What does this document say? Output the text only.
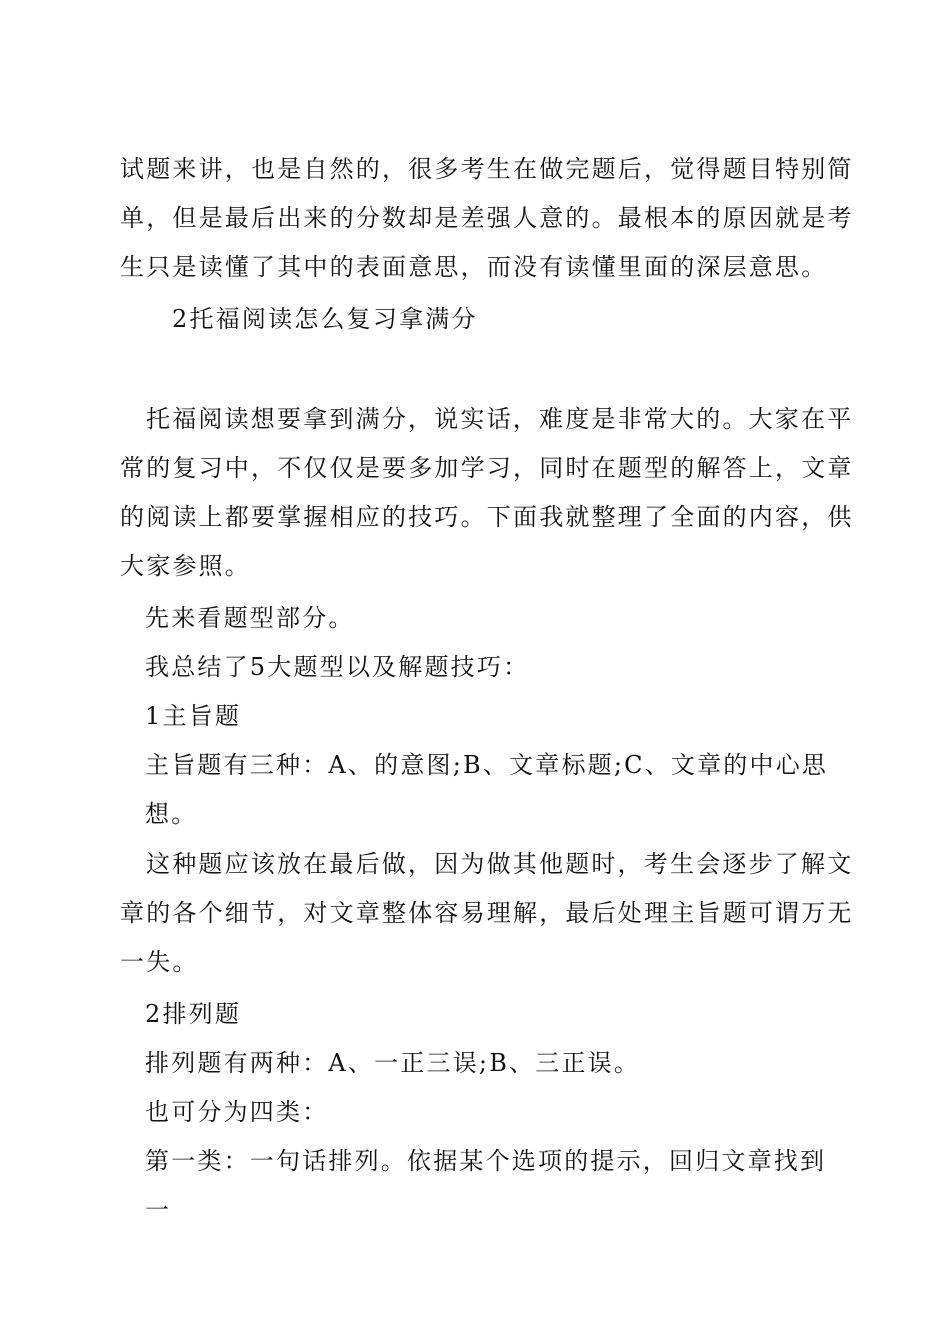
试题来讲，也是自然的，很多考生在做完题后，觉得题目特别简
单，但是最后出来的分数却是差强人意的。最根本的原因就是考
生只是读懂了其中的表面意思，而没有读懂里面的深层意思。
2托福阅读怎么复习拿满分
托福阅读想要拿到满分，说实话，难度是非常大的。大家在平
常的复习中，不仅仅是要多加学习，同时在题型的解答上，文章
的阅读上都要掌握相应的技巧。下面我就整理了全面的内容，供
大家参照。
先来看题型部分。
我总结了5大题型以及解题技巧：
1主旨题
主旨题有三种：A、的意图;B、文章标题;C、文章的中心思想。
这种题应该放在最后做，因为做其他题时，考生会逐步了解文
章的各个细节，对文章整体容易理解，最后处理主旨题可谓万无
一失。
2排列题
排列题有两种：A、一正三误;B、三正误。
也可分为四类：
第一类：一句话排列。依据某个选项的提示，回归文章找到一
